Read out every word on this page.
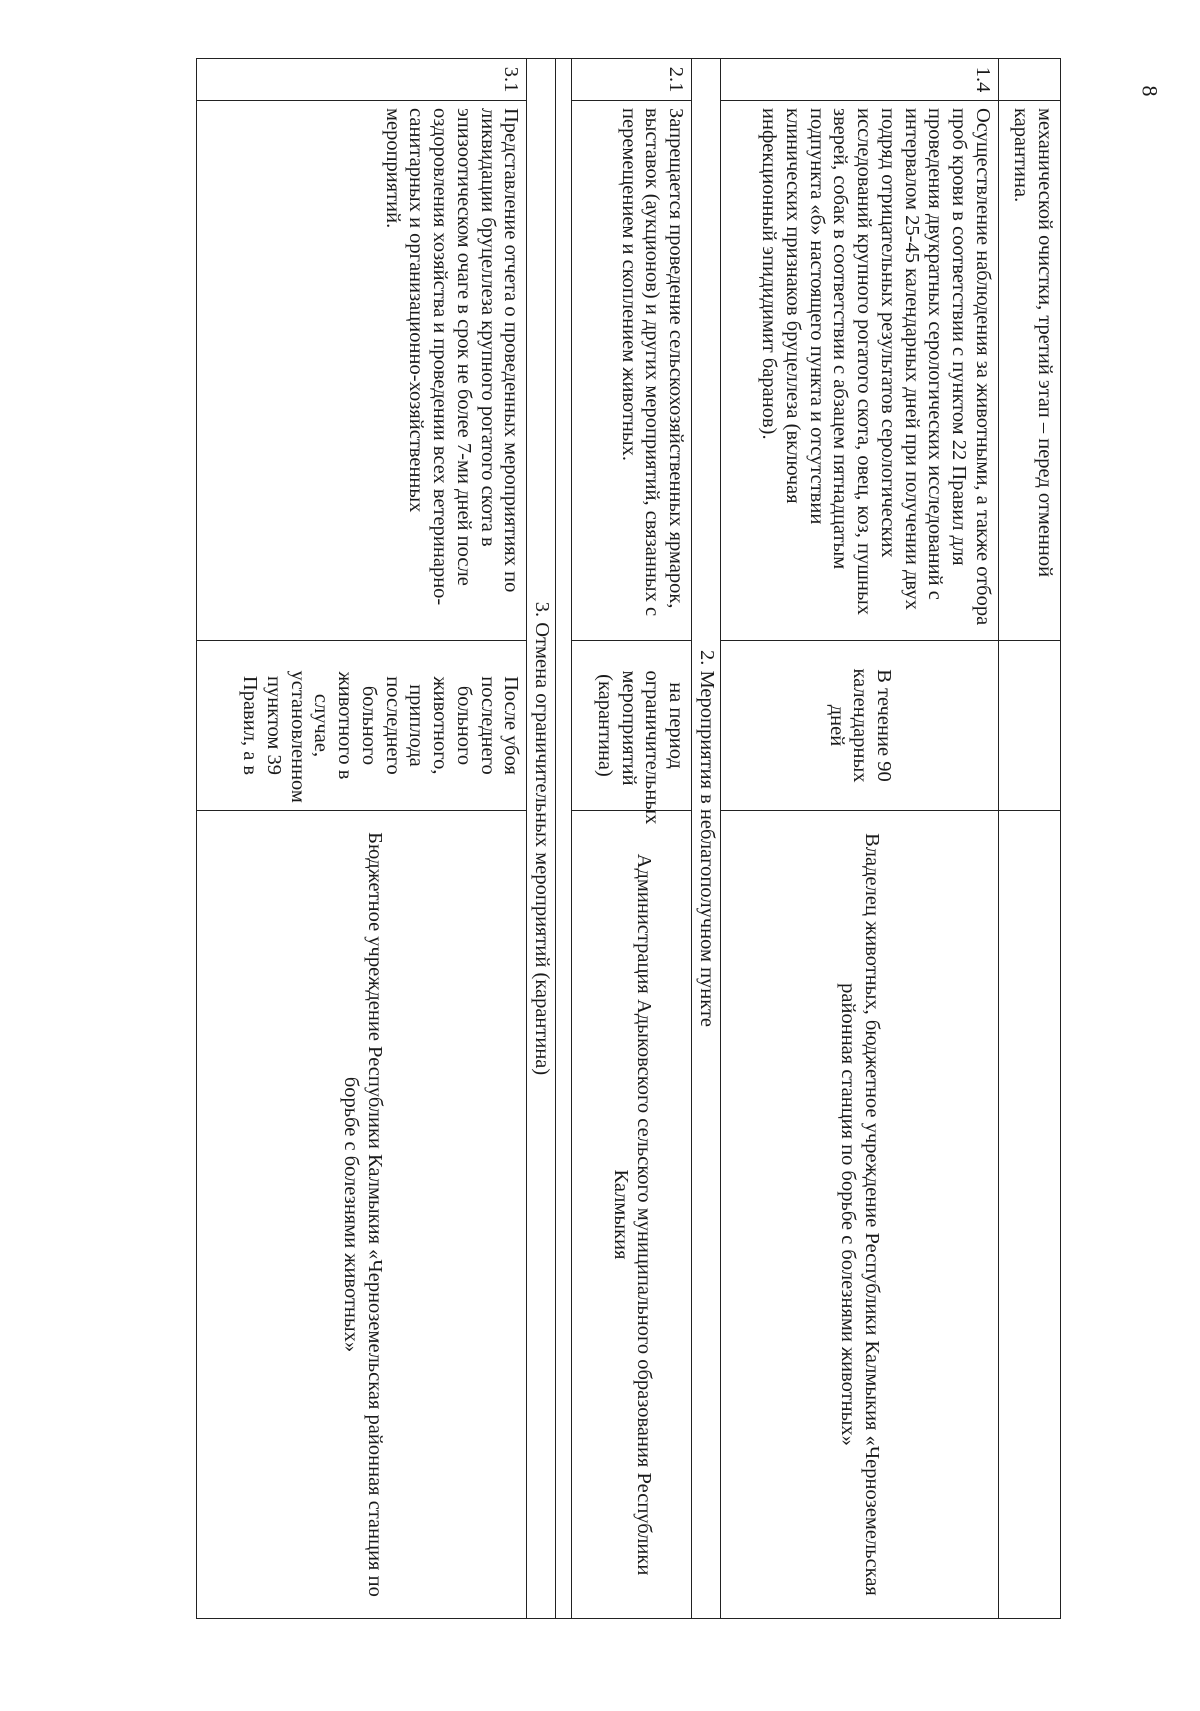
8
	механической очистки, третий этап – перед отменной карантина.		
1.4	Осуществление наблюдения за животными, а также отбора проб крови в соответствии с пунктом 22 Правил для проведения двукратных серологических исследований с интервалом 25-45 календарных дней при получении двух подряд отрицательных результатов серологических исследований крупного рогатого скота, овец, коз, пушных зверей, собак в соответствии с абзацем пятнадцатым подпункта «б» настоящего пункта и отсутствии клинических признаков бруцеллеза (включая инфекционный эпидидимит баранов).	В течение 90 календарных дней	Владелец животных, бюджетное учреждение Республики Калмыкия «Черноземельская районная станция по борьбе с болезнями животных»
2. Мероприятия в неблагополучном пункте			
2.1	Запрещается проведение сельскохозяйственных ярмарок, выставок (аукционов) и других мероприятий, связанных с перемещением и скоплением животных.	на период ограничительных мероприятий (карантина)	Администрация Адыковского сельского муниципального образования Республики Калмыкия

3. Отмена ограничительных мероприятий (карантина)			
3.1	Представление отчета о проведенных мероприятиях по ликвидации бруцеллеза крупного рогатого скота в эпизоотическом очаге в срок не более 7-ми дней после оздоровления хозяйства и проведении всех ветеринарно-санитарных и организационно-хозяйственных мероприятий.	После убоя последнего больного животного, приплода последнего больного животного в случае, установленном пунктом 39 Правил, а в	Бюджетное учреждение Республики Калмыкия «Черноземельская районная станция по борьбе с болезнями животных»
